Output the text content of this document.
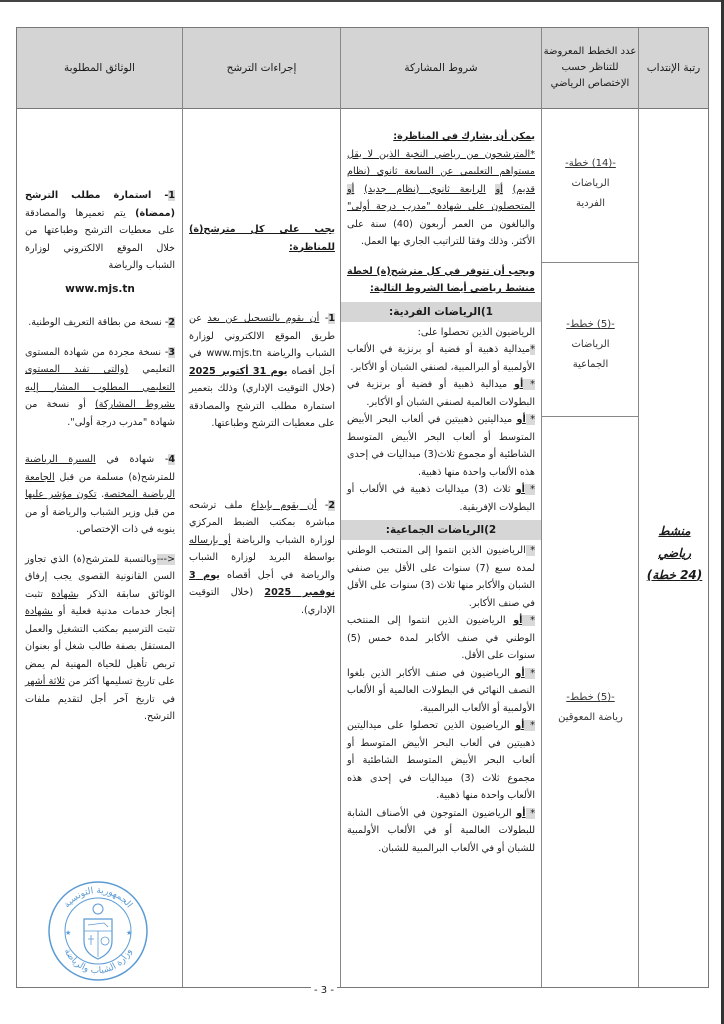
رتبة الإنتداب
عدد الخطط المعروضة للتناظر حسب الإختصاص الرياضي
شروط المشاركة
إجراءات الترشح
الوثائق المطلوبة
منشط
رياضي
(24 خطة)
-(14) خطة-
الرياضات
الفردية
-(5) خطط-
الرياضات
الجماعية
-(5) خطط-
رياضة المعوقين
يمكن أن يشارك في المناظرة:
*المترشحون من رياضي النخبة الذين لا يقل مستواهم التعليمي عن السابعة ثانوي (نظام قديم) أو الرابعة ثانوي (نظام جديد) أو المتحصلون على شهادة "مدرب درجة أولى" والبالغون من العمر أربعون (40) سنة على الأكثر. وذلك وفقا للتراتيب الجاري بها العمل.
ويجب أن تتوفر في كل مترشح(ة) لخطة منشط رياضي أيضا الشروط التالية:
1)الرياضات الفردية:
الرياضيون الذين تحصلوا على:
*ميدالية ذهبية أو فضية أو برنزية في الألعاب الأولمبية أو البرالمبية، لصنفي الشبان أو الأكابر.
* أو ميدالية ذهبية أو فضية أو برنزية في البطولات العالمية لصنفي الشبان أو الأكابر.
* أو ميداليتين ذهبيتين في ألعاب البحر الأبيض المتوسط أو ألعاب البحر الأبيض المتوسط الشاطئية أو مجموع ثلاث(3) ميداليات في إحدى هذه الألعاب واحدة منها ذهبية.
* أو ثلاث (3) ميداليات ذهبية في الألعاب أو البطولات الإفريقية.
2)الرياضات الجماعية:
* الرياضيون الذين انتموا إلى المنتخب الوطني لمدة سبع (7) سنوات على الأقل بين صنفي الشبان والأكابر منها ثلاث (3) سنوات على الأقل في صنف الأكابر.
* أو الرياضيون الذين انتموا إلى المنتخب الوطني في صنف الأكابر لمدة خمس (5) سنوات على الأقل.
* أو الرياضيون في صنف الأكابر الذين بلغوا النصف النهائي في البطولات العالمية أو الألعاب الأولمبية أو الألعاب البرالمبية.
* أو الرياضيون الذين تحصلوا على ميداليتين ذهبيتين في ألعاب البحر الأبيض المتوسط أو ألعاب البحر الأبيض المتوسط الشاطئية أو مجموع ثلاث (3) ميداليات في إحدى هذه الألعاب واحدة منها ذهبية.
* أو الرياضيون المتوجون في الأصناف الشابة للبطولات العالمية أو في الألعاب الأولمبية للشبان أو في الألعاب البرالمبية للشبان.
يجب على كل مترشح(ة) للمناظرة:
1- أن يقوم بالتسجيل عن بعد عن طريق الموقع الالكتروني لوزارة الشباب والرياضة www.mjs.tn في أجل أقصاه يوم 31 أكتوبر 2025 (خلال التوقيت الإداري) وذلك بتعمير استمارة مطلب الترشح والمصادقة على معطيات الترشح وطباعتها.
2- أن يقوم بإيداع ملف ترشحه مباشرة بمكتب الضبط المركزي لوزارة الشباب والرياضة أو بإرساله بواسطة البريد لوزارة الشباب والرياضة في أجل أقصاه يوم 3 نوفمبر 2025 (خلال التوقيت الإداري).
1- استمارة مطلب الترشح (ممضاة) يتم تعميرها والمصادقة على معطيات الترشح وطباعتها من خلال الموقع الالكتروني لوزارة الشباب والرياضة
www.mjs.tn
2- نسخة من بطاقة التعريف الوطنية.
3- نسخة مجردة من شهادة المستوى التعليمي (والتي تفيد المستوى التعليمي المطلوب المشار إليه بشروط المشاركة) أو نسخة من شهادة "مدرب درجة أولى".
4- شهادة في السيرة الرياضية للمترشح(ة) مسلمة من قبل الجامعة الرياضية المختصة. تكون مؤشر عليها من قبل وزير الشباب والرياضة أو من ينوبه في ذات الإختصاص.
--->وبالنسبة للمترشح(ة) الذي تجاوز السن القانونية القصوى يجب إرفاق الوثائق سابقة الذكر بشهادة تثبت إنجاز خدمات مدنية فعلية أو بشهادة تثبت الترسيم بمكتب التشغيل والعمل المستقل بصفة طالب شغل أو بعنوان تربص تأهيل للحياة المهنية لم يمض على تاريخ تسليمها أكثر من ثلاثة أشهر في تاريخ آخر أجل لتقديم ملفات الترشح.
الجمهورية التونسية
وزارة الشباب والرياضة
★	★
- 3 -
